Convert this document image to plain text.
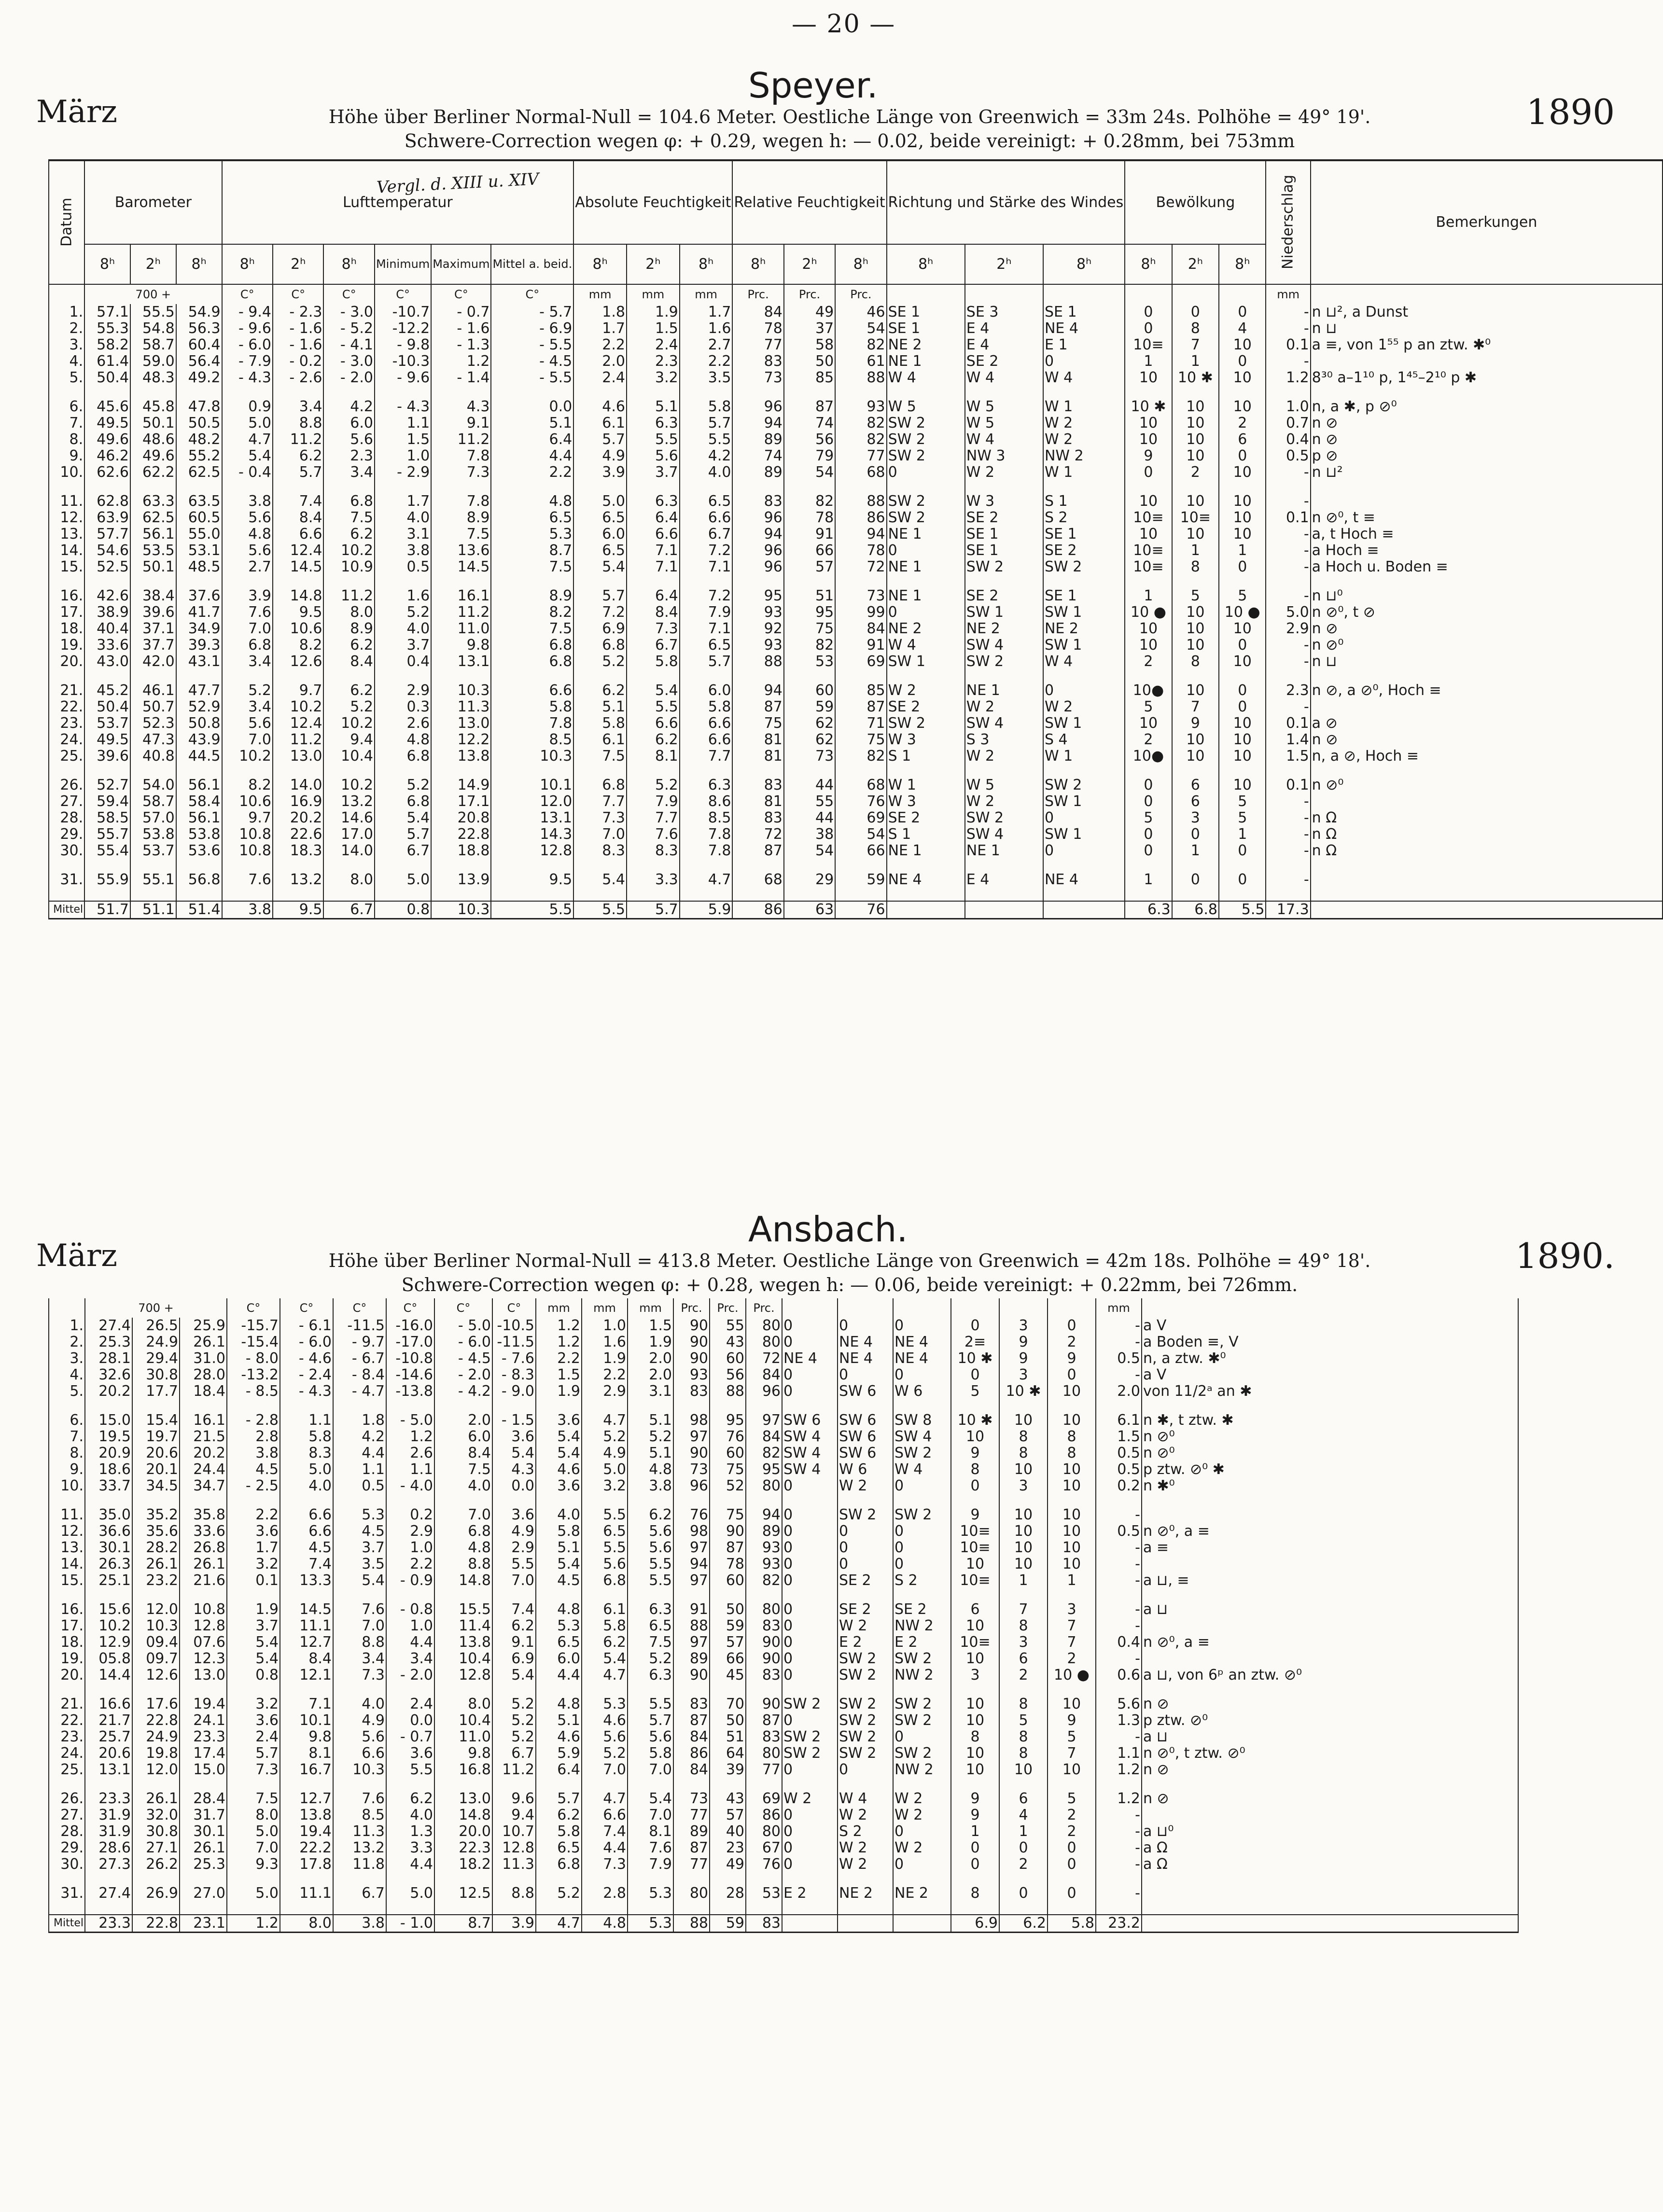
— 20 —
März
Speyer.
1890
Höhe über Berliner Normal-Null = 104.6 Meter. Oestliche Länge von Greenwich = 33m 24s. Polhöhe = 49° 19'.
Schwere-Correction wegen φ: + 0.29, wegen h: — 0.02, beide vereinigt: + 0.28mm, bei 753mm
Vergl. d. XIII u. XIV
Datum	Barometer			Lufttemperatur						Absolute Feuchtigkeit			Relative Feuchtigkeit			Richtung und Stärke des Windes			Bewölkung			Niederschlag	Bemerkungen
	8ʰ	2ʰ	8ʰ	8ʰ	2ʰ	8ʰ	Minimum	Maximum	Mittel a. beid.	8ʰ	2ʰ	8ʰ	8ʰ	2ʰ	8ʰ	8ʰ	2ʰ	8ʰ	8ʰ	2ʰ	8ʰ		
	700 +			C°	C°	C°	C°	C°	C°	mm	mm	mm	Prc.	Prc.	Prc.							mm	
1.	57.1	55.5	54.9	- 9.4	- 2.3	- 3.0	-10.7	- 0.7	- 5.7	1.8	1.9	1.7	84	49	46	SE 1	SE 3	SE 1	0	0	0	-	n ⊔², a Dunst
2.	55.3	54.8	56.3	- 9.6	- 1.6	- 5.2	-12.2	- 1.6	- 6.9	1.7	1.5	1.6	78	37	54	SE 1	E 4	NE 4	0	8	4	-	n ⊔
3.	58.2	58.7	60.4	- 6.0	- 1.6	- 4.1	- 9.8	- 1.3	- 5.5	2.2	2.4	2.7	77	58	82	NE 2	E 4	E 1	10≡	7	10	0.1	a ≡, von 1⁵⁵ p an ztw. ✱⁰
4.	61.4	59.0	56.4	- 7.9	- 0.2	- 3.0	-10.3	1.2	- 4.5	2.0	2.3	2.2	83	50	61	NE 1	SE 2	0	1	1	0	-	
5.	50.4	48.3	49.2	- 4.3	- 2.6	- 2.0	- 9.6	- 1.4	- 5.5	2.4	3.2	3.5	73	85	88	W 4	W 4	W 4	10	10 ✱	10	1.2	8³⁰ a–1¹⁰ p, 1⁴⁵–2¹⁰ p ✱

6.	45.6	45.8	47.8	0.9	3.4	4.2	- 4.3	4.3	0.0	4.6	5.1	5.8	96	87	93	W 5	W 5	W 1	10 ✱	10	10	1.0	n, a ✱, p ⊘⁰
7.	49.5	50.1	50.5	5.0	8.8	6.0	1.1	9.1	5.1	6.1	6.3	5.7	94	74	82	SW 2	W 5	W 2	10	10	2	0.7	n ⊘
8.	49.6	48.6	48.2	4.7	11.2	5.6	1.5	11.2	6.4	5.7	5.5	5.5	89	56	82	SW 2	W 4	W 2	10	10	6	0.4	n ⊘
9.	46.2	49.6	55.2	5.4	6.2	2.3	1.0	7.8	4.4	4.9	5.6	4.2	74	79	77	SW 2	NW 3	NW 2	9	10	0	0.5	p ⊘
10.	62.6	62.2	62.5	- 0.4	5.7	3.4	- 2.9	7.3	2.2	3.9	3.7	4.0	89	54	68	0	W 2	W 1	0	2	10	-	n ⊔²

11.	62.8	63.3	63.5	3.8	7.4	6.8	1.7	7.8	4.8	5.0	6.3	6.5	83	82	88	SW 2	W 3	S 1	10	10	10	-	
12.	63.9	62.5	60.5	5.6	8.4	7.5	4.0	8.9	6.5	6.5	6.4	6.6	96	78	86	SW 2	SE 2	S 2	10≡	10≡	10	0.1	n ⊘⁰, t ≡
13.	57.7	56.1	55.0	4.8	6.6	6.2	3.1	7.5	5.3	6.0	6.6	6.7	94	91	94	NE 1	SE 1	SE 1	10	10	10	-	a, t Hoch ≡
14.	54.6	53.5	53.1	5.6	12.4	10.2	3.8	13.6	8.7	6.5	7.1	7.2	96	66	78	0	SE 1	SE 2	10≡	1	1	-	a Hoch ≡
15.	52.5	50.1	48.5	2.7	14.5	10.9	0.5	14.5	7.5	5.4	7.1	7.1	96	57	72	NE 1	SW 2	SW 2	10≡	8	0	-	a Hoch u. Boden ≡

16.	42.6	38.4	37.6	3.9	14.8	11.2	1.6	16.1	8.9	5.7	6.4	7.2	95	51	73	NE 1	SE 2	SE 1	1	5	5	-	n ⊔⁰
17.	38.9	39.6	41.7	7.6	9.5	8.0	5.2	11.2	8.2	7.2	8.4	7.9	93	95	99	0	SW 1	SW 1	10 ●	10	10 ●	5.0	n ⊘⁰, t ⊘
18.	40.4	37.1	34.9	7.0	10.6	8.9	4.0	11.0	7.5	6.9	7.3	7.1	92	75	84	NE 2	NE 2	NE 2	10	10	10	2.9	n ⊘
19.	33.6	37.7	39.3	6.8	8.2	6.2	3.7	9.8	6.8	6.8	6.7	6.5	93	82	91	W 4	SW 4	SW 1	10	10	0	-	n ⊘⁰
20.	43.0	42.0	43.1	3.4	12.6	8.4	0.4	13.1	6.8	5.2	5.8	5.7	88	53	69	SW 1	SW 2	W 4	2	8	10	-	n ⊔

21.	45.2	46.1	47.7	5.2	9.7	6.2	2.9	10.3	6.6	6.2	5.4	6.0	94	60	85	W 2	NE 1	0	10●	10	0	2.3	n ⊘, a ⊘⁰, Hoch ≡
22.	50.4	50.7	52.9	3.4	10.2	5.2	0.3	11.3	5.8	5.1	5.5	5.8	87	59	87	SE 2	W 2	W 2	5	7	0	-	
23.	53.7	52.3	50.8	5.6	12.4	10.2	2.6	13.0	7.8	5.8	6.6	6.6	75	62	71	SW 2	SW 4	SW 1	10	9	10	0.1	a ⊘
24.	49.5	47.3	43.9	7.0	11.2	9.4	4.8	12.2	8.5	6.1	6.2	6.6	81	62	75	W 3	S 3	S 4	2	10	10	1.4	n ⊘
25.	39.6	40.8	44.5	10.2	13.0	10.4	6.8	13.8	10.3	7.5	8.1	7.7	81	73	82	S 1	W 2	W 1	10●	10	10	1.5	n, a ⊘, Hoch ≡

26.	52.7	54.0	56.1	8.2	14.0	10.2	5.2	14.9	10.1	6.8	5.2	6.3	83	44	68	W 1	W 5	SW 2	0	6	10	0.1	n ⊘⁰
27.	59.4	58.7	58.4	10.6	16.9	13.2	6.8	17.1	12.0	7.7	7.9	8.6	81	55	76	W 3	W 2	SW 1	0	6	5	-	
28.	58.5	57.0	56.1	9.7	20.2	14.6	5.4	20.8	13.1	7.3	7.7	8.5	83	44	69	SE 2	SW 2	0	5	3	5	-	n Ω
29.	55.7	53.8	53.8	10.8	22.6	17.0	5.7	22.8	14.3	7.0	7.6	7.8	72	38	54	S 1	SW 4	SW 1	0	0	1	-	n Ω
30.	55.4	53.7	53.6	10.8	18.3	14.0	6.7	18.8	12.8	8.3	8.3	7.8	87	54	66	NE 1	NE 1	0	0	1	0	-	n Ω

31.	55.9	55.1	56.8	7.6	13.2	8.0	5.0	13.9	9.5	5.4	3.3	4.7	68	29	59	NE 4	E 4	NE 4	1	0	0	-	

Mittel	51.7	51.1	51.4	3.8	9.5	6.7	0.8	10.3	5.5	5.5	5.7	5.9	86	63	76				6.3	6.8	5.5	17.3	
März
Ansbach.
1890.
Höhe über Berliner Normal-Null = 413.8 Meter. Oestliche Länge von Greenwich = 42m 18s. Polhöhe = 49° 18'.
Schwere-Correction wegen φ: + 0.28, wegen h: — 0.06, beide vereinigt: + 0.22mm, bei 726mm.
	700 +			C°	C°	C°	C°	C°	C°	mm	mm	mm	Prc.	Prc.	Prc.							mm	
1.	27.4	26.5	25.9	-15.7	- 6.1	-11.5	-16.0	- 5.0	-10.5	1.2	1.0	1.5	90	55	80	0	0	0	0	3	0	-	a V
2.	25.3	24.9	26.1	-15.4	- 6.0	- 9.7	-17.0	- 6.0	-11.5	1.2	1.6	1.9	90	43	80	0	NE 4	NE 4	2≡	9	2	-	a Boden ≡, V
3.	28.1	29.4	31.0	- 8.0	- 4.6	- 6.7	-10.8	- 4.5	- 7.6	2.2	1.9	2.0	90	60	72	NE 4	NE 4	NE 4	10 ✱	9	9	0.5	n, a ztw. ✱⁰
4.	32.6	30.8	28.0	-13.2	- 2.4	- 8.4	-14.6	- 2.0	- 8.3	1.5	2.2	2.0	93	56	84	0	0	0	0	3	0	-	a V
5.	20.2	17.7	18.4	- 8.5	- 4.3	- 4.7	-13.8	- 4.2	- 9.0	1.9	2.9	3.1	83	88	96	0	SW 6	W 6	5	10 ✱	10	2.0	von 11/2ᵃ an ✱

6.	15.0	15.4	16.1	- 2.8	1.1	1.8	- 5.0	2.0	- 1.5	3.6	4.7	5.1	98	95	97	SW 6	SW 6	SW 8	10 ✱	10	10	6.1	n ✱, t ztw. ✱
7.	19.5	19.7	21.5	2.8	5.8	4.2	1.2	6.0	3.6	5.4	5.2	5.2	97	76	84	SW 4	SW 6	SW 4	10	8	8	1.5	n ⊘⁰
8.	20.9	20.6	20.2	3.8	8.3	4.4	2.6	8.4	5.4	5.4	4.9	5.1	90	60	82	SW 4	SW 6	SW 2	9	8	8	0.5	n ⊘⁰
9.	18.6	20.1	24.4	4.5	5.0	1.1	1.1	7.5	4.3	4.6	5.0	4.8	73	75	95	SW 4	W 6	W 4	8	10	10	0.5	p ztw. ⊘⁰ ✱
10.	33.7	34.5	34.7	- 2.5	4.0	0.5	- 4.0	4.0	0.0	3.6	3.2	3.8	96	52	80	0	W 2	0	0	3	10	0.2	n ✱⁰

11.	35.0	35.2	35.8	2.2	6.6	5.3	0.2	7.0	3.6	4.0	5.5	6.2	76	75	94	0	SW 2	SW 2	9	10	10	-	
12.	36.6	35.6	33.6	3.6	6.6	4.5	2.9	6.8	4.9	5.8	6.5	5.6	98	90	89	0	0	0	10≡	10	10	0.5	n ⊘⁰, a ≡
13.	30.1	28.2	26.8	1.7	4.5	3.7	1.0	4.8	2.9	5.1	5.5	5.6	97	87	93	0	0	0	10≡	10	10	-	a ≡
14.	26.3	26.1	26.1	3.2	7.4	3.5	2.2	8.8	5.5	5.4	5.6	5.5	94	78	93	0	0	0	10	10	10	-	
15.	25.1	23.2	21.6	0.1	13.3	5.4	- 0.9	14.8	7.0	4.5	6.8	5.5	97	60	82	0	SE 2	S 2	10≡	1	1	-	a ⊔, ≡

16.	15.6	12.0	10.8	1.9	14.5	7.6	- 0.8	15.5	7.4	4.8	6.1	6.3	91	50	80	0	SE 2	SE 2	6	7	3	-	a ⊔
17.	10.2	10.3	12.8	3.7	11.1	7.0	1.0	11.4	6.2	5.3	5.8	6.5	88	59	83	0	W 2	NW 2	10	8	7	-	
18.	12.9	09.4	07.6	5.4	12.7	8.8	4.4	13.8	9.1	6.5	6.2	7.5	97	57	90	0	E 2	E 2	10≡	3	7	0.4	n ⊘⁰, a ≡
19.	05.8	09.7	12.3	5.4	8.4	3.4	3.4	10.4	6.9	6.0	5.4	5.2	89	66	90	0	SW 2	SW 2	10	6	2	-	
20.	14.4	12.6	13.0	0.8	12.1	7.3	- 2.0	12.8	5.4	4.4	4.7	6.3	90	45	83	0	SW 2	NW 2	3	2	10 ●	0.6	a ⊔, von 6ᵖ an ztw. ⊘⁰

21.	16.6	17.6	19.4	3.2	7.1	4.0	2.4	8.0	5.2	4.8	5.3	5.5	83	70	90	SW 2	SW 2	SW 2	10	8	10	5.6	n ⊘
22.	21.7	22.8	24.1	3.6	10.1	4.9	0.0	10.4	5.2	5.1	4.6	5.7	87	50	87	0	SW 2	SW 2	10	5	9	1.3	p ztw. ⊘⁰
23.	25.7	24.9	23.3	2.4	9.8	5.6	- 0.7	11.0	5.2	4.6	5.6	5.6	84	51	83	SW 2	SW 2	0	8	8	5	-	a ⊔
24.	20.6	19.8	17.4	5.7	8.1	6.6	3.6	9.8	6.7	5.9	5.2	5.8	86	64	80	SW 2	SW 2	SW 2	10	8	7	1.1	n ⊘⁰, t ztw. ⊘⁰
25.	13.1	12.0	15.0	7.3	16.7	10.3	5.5	16.8	11.2	6.4	7.0	7.0	84	39	77	0	0	NW 2	10	10	10	1.2	n ⊘

26.	23.3	26.1	28.4	7.5	12.7	7.6	6.2	13.0	9.6	5.7	4.7	5.4	73	43	69	W 2	W 4	W 2	9	6	5	1.2	n ⊘
27.	31.9	32.0	31.7	8.0	13.8	8.5	4.0	14.8	9.4	6.2	6.6	7.0	77	57	86	0	W 2	W 2	9	4	2	-	
28.	31.9	30.8	30.1	5.0	19.4	11.3	1.3	20.0	10.7	5.8	7.4	8.1	89	40	80	0	S 2	0	1	1	2	-	a ⊔⁰
29.	28.6	27.1	26.1	7.0	22.2	13.2	3.3	22.3	12.8	6.5	4.4	7.6	87	23	67	0	W 2	W 2	0	0	0	-	a Ω
30.	27.3	26.2	25.3	9.3	17.8	11.8	4.4	18.2	11.3	6.8	7.3	7.9	77	49	76	0	W 2	0	0	2	0	-	a Ω

31.	27.4	26.9	27.0	5.0	11.1	6.7	5.0	12.5	8.8	5.2	2.8	5.3	80	28	53	E 2	NE 2	NE 2	8	0	0	-	

Mittel	23.3	22.8	23.1	1.2	8.0	3.8	- 1.0	8.7	3.9	4.7	4.8	5.3	88	59	83				6.9	6.2	5.8	23.2	
